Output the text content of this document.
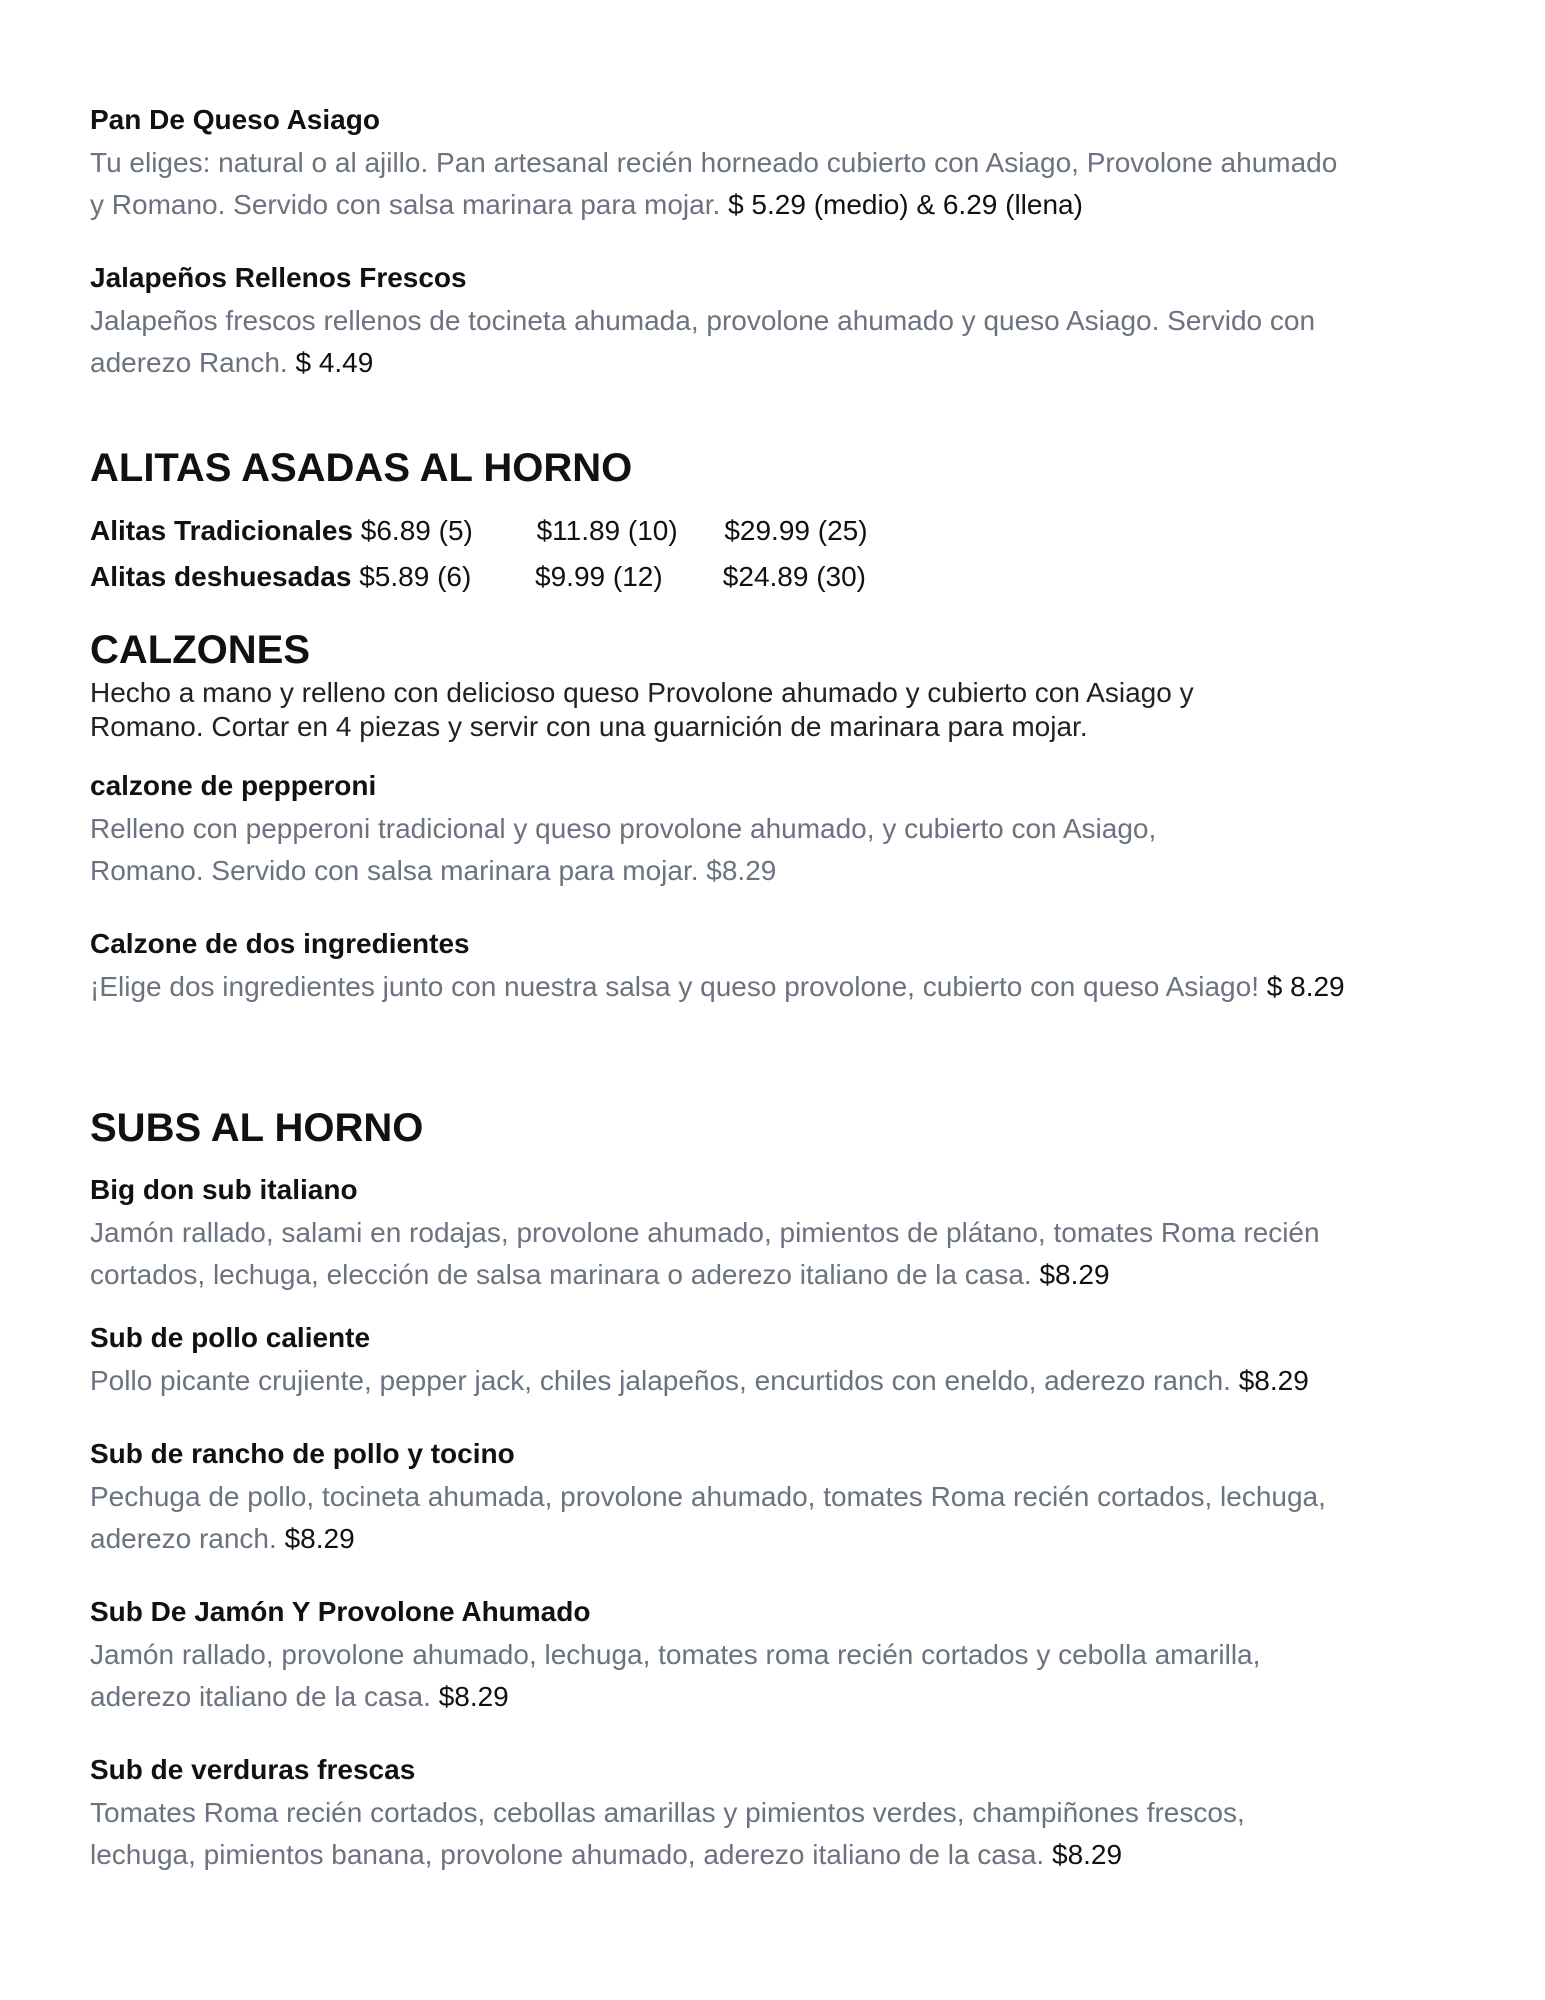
Pan De Queso Asiago
Tu eliges: natural o al ajillo. Pan artesanal recién horneado cubierto con Asiago, Provolone ahumado
y Romano. Servido con salsa marinara para mojar. $ 5.29 (medio) & 6.29 (llena)
Jalapeños Rellenos Frescos
Jalapeños frescos rellenos de tocineta ahumada, provolone ahumado y queso Asiago. Servido con
aderezo Ranch. $ 4.49
ALITAS ASADAS AL HORNO
Alitas Tradicionales $6.89 (5) $11.89 (10) $29.99 (25)
Alitas deshuesadas $5.89 (6) $9.99 (12) $24.89 (30)
CALZONES
Hecho a mano y relleno con delicioso queso Provolone ahumado y cubierto con Asiago y
Romano. Cortar en 4 piezas y servir con una guarnición de marinara para mojar.
calzone de pepperoni
Relleno con pepperoni tradicional y queso provolone ahumado, y cubierto con Asiago,
Romano. Servido con salsa marinara para mojar. $8.29
Calzone de dos ingredientes
¡Elige dos ingredientes junto con nuestra salsa y queso provolone, cubierto con queso Asiago! $ 8.29
SUBS AL HORNO
Big don sub italiano
Jamón rallado, salami en rodajas, provolone ahumado, pimientos de plátano, tomates Roma recién
cortados, lechuga, elección de salsa marinara o aderezo italiano de la casa. $8.29
Sub de pollo caliente
Pollo picante crujiente, pepper jack, chiles jalapeños, encurtidos con eneldo, aderezo ranch. $8.29
Sub de rancho de pollo y tocino
Pechuga de pollo, tocineta ahumada, provolone ahumado, tomates Roma recién cortados, lechuga,
aderezo ranch. $8.29
Sub De Jamón Y Provolone Ahumado
Jamón rallado, provolone ahumado, lechuga, tomates roma recién cortados y cebolla amarilla,
aderezo italiano de la casa. $8.29
Sub de verduras frescas
Tomates Roma recién cortados, cebollas amarillas y pimientos verdes, champiñones frescos,
lechuga, pimientos banana, provolone ahumado, aderezo italiano de la casa. $8.29
